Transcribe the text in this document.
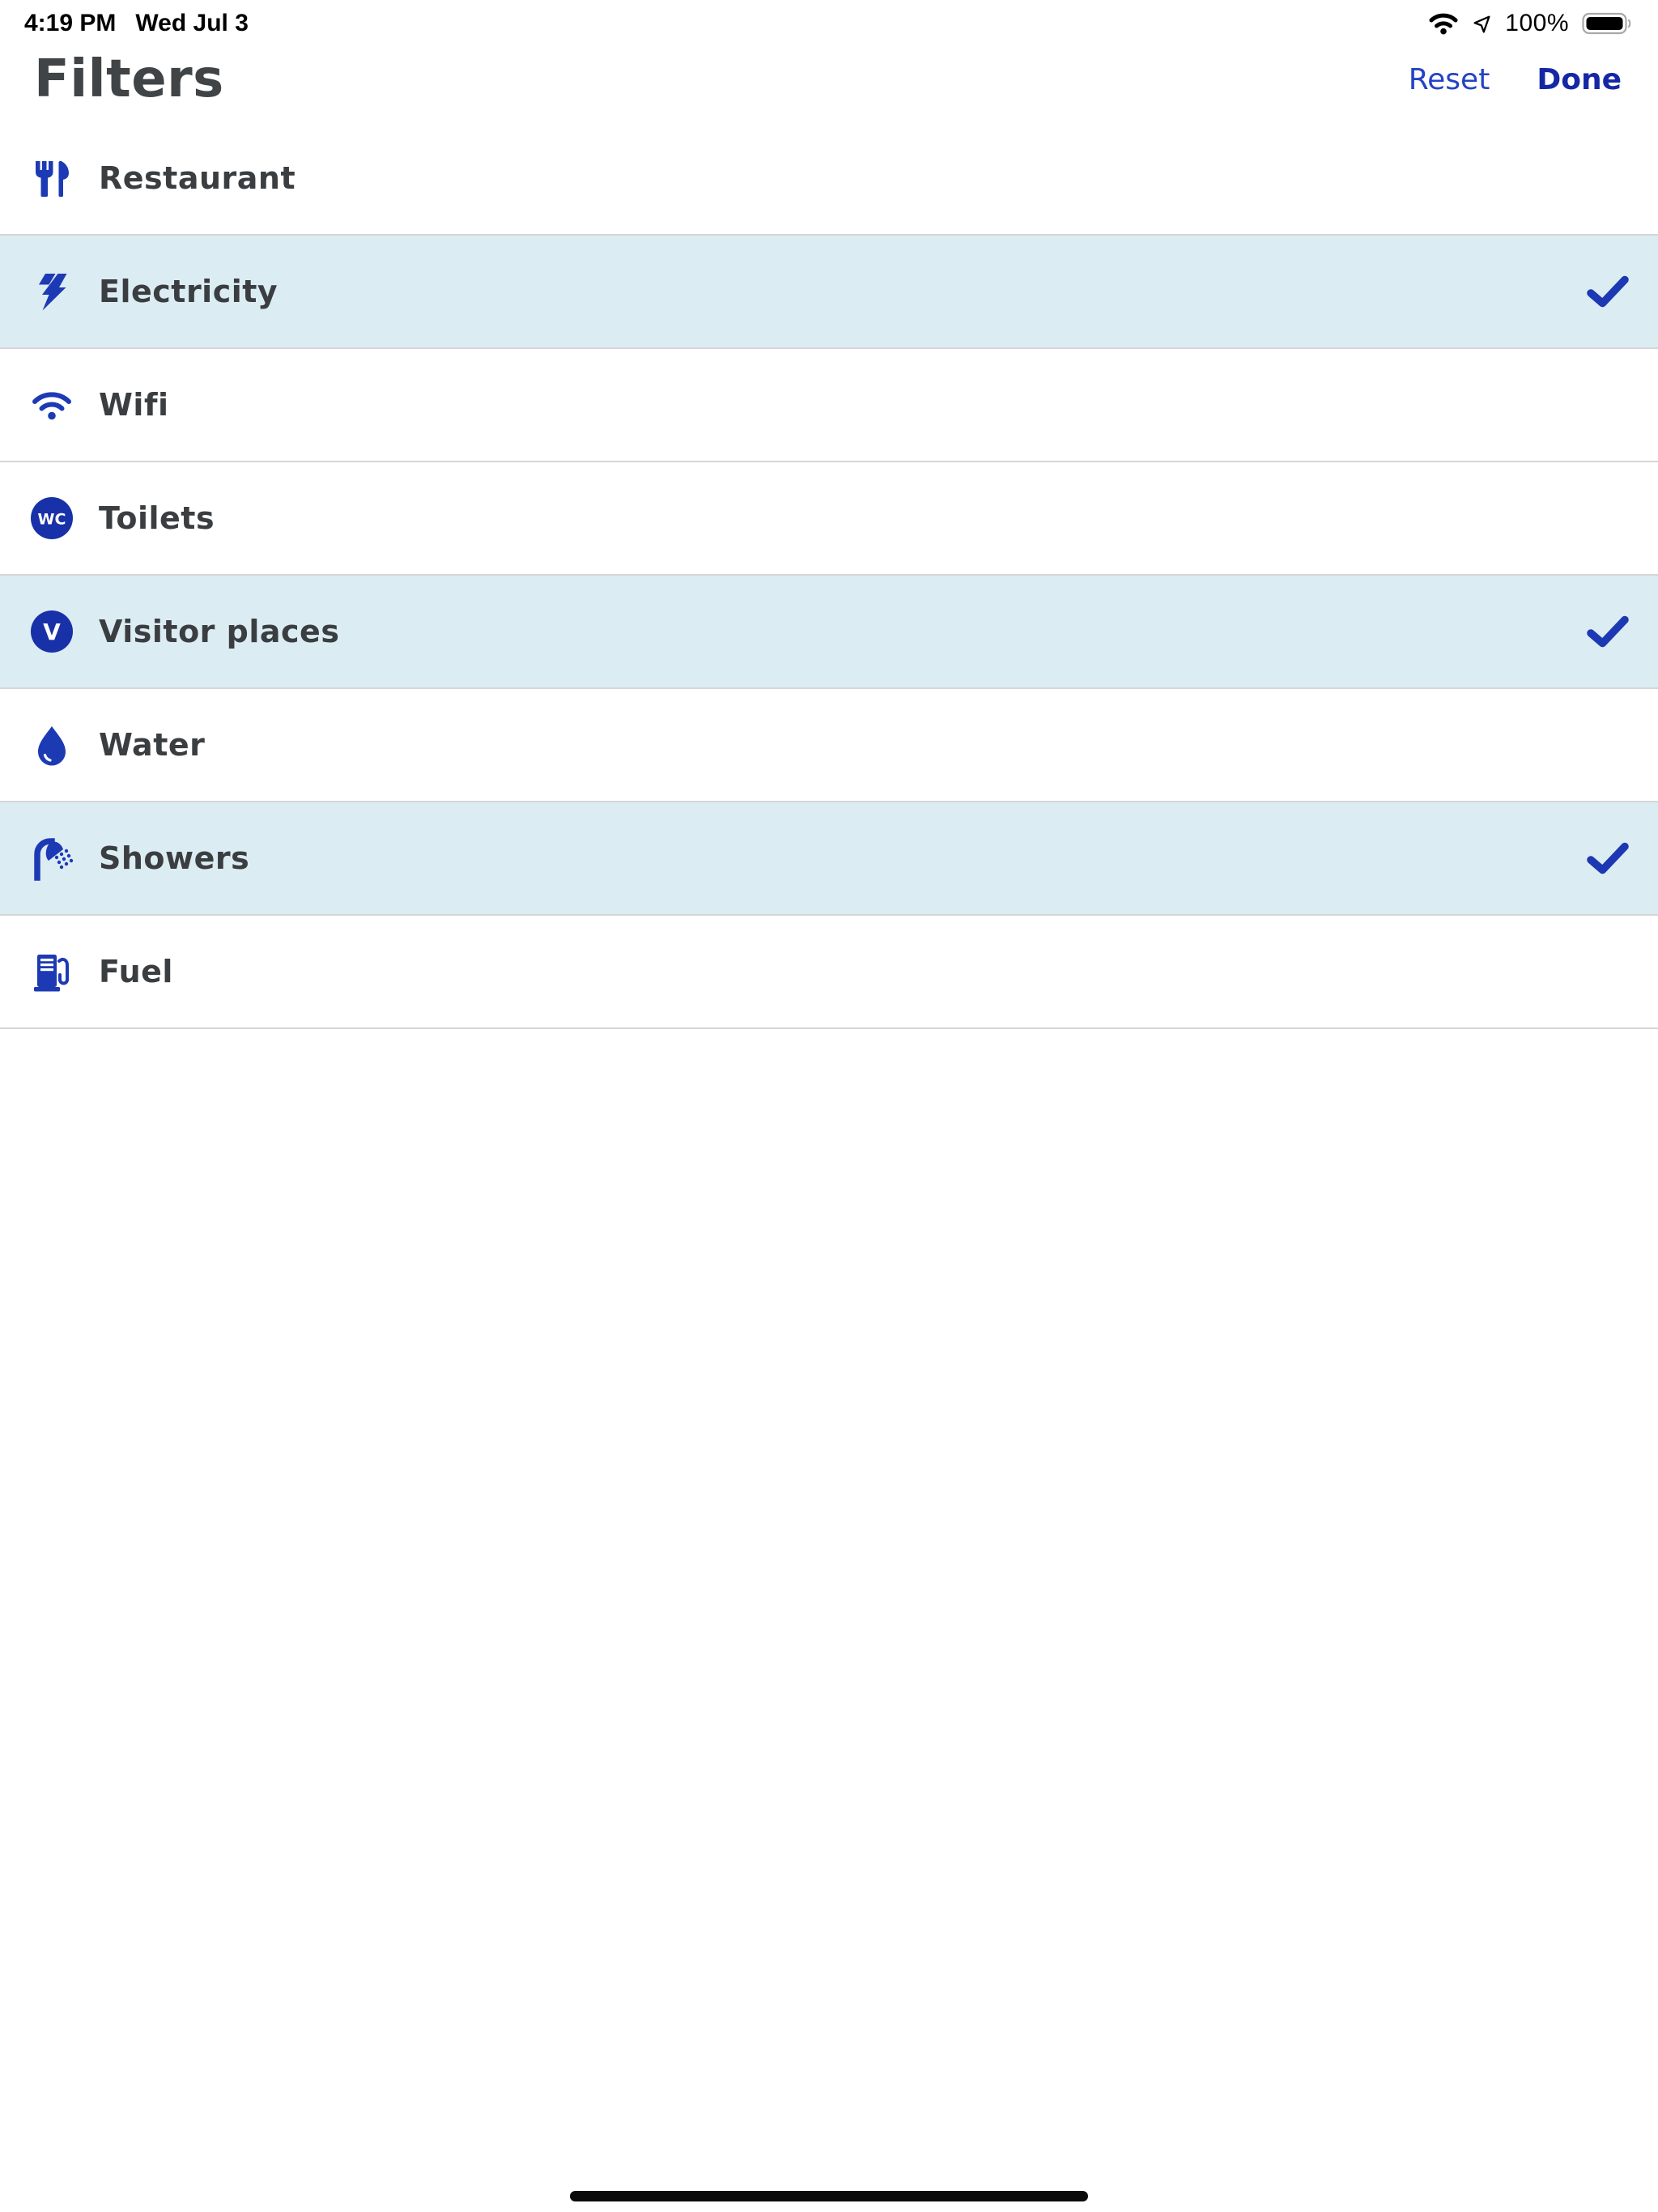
4:19 PM Wed Jul 3	100%
Filters	Reset Done
Restaurant
Electricity
Wifi
WC Toilets
V Visitor places
Water
Showers
Fuel
